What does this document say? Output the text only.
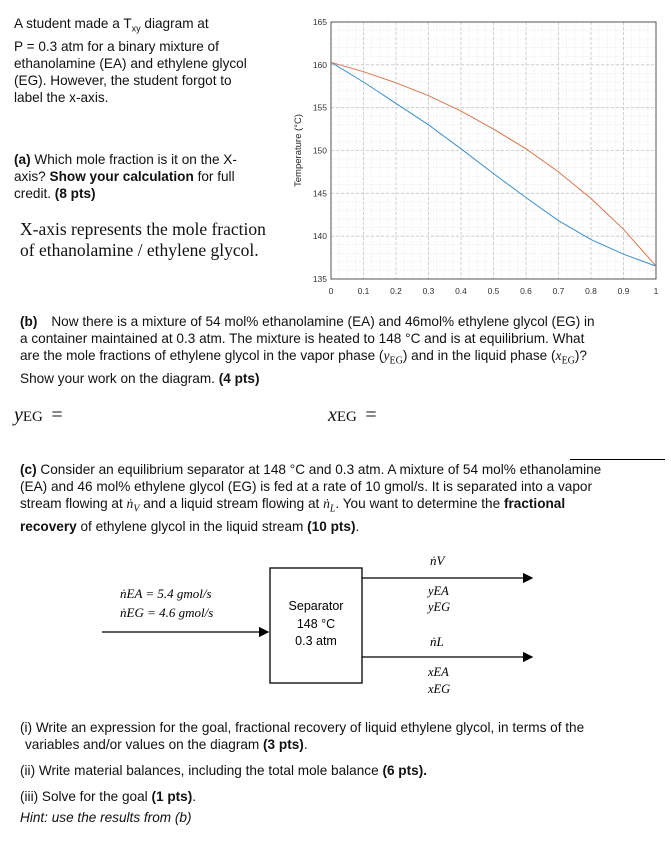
A student made a $T_{xy}$ diagram at
P = 0.3 atm for a binary mixture of
ethanolamine (EA) and ethylene glycol
(EG). However, the student forgot to
label the x-axis.
(a) Which mole fraction is it on the X-
axis? Show your calculation for full
credit. (8 pts)
X-axis represents the mole fraction
of ethanolamine / ethylene glycol.
0	0.1 0.2 0.3 0.4 0.5 0.6 0.7 0.8 0.9	1
135
140
145
150
155
160
165
Temperature (°C)
(b) Now there is a mixture of 54 mol% ethanolamine (EA) and 46mol% ethylene glycol (EG) in
a container maintained at 0.3 atm. The mixture is heated to 148 °C and is at equilibrium. What
are the mole fractions of ethylene glycol in the vapor phase $(y_{EG})$ and in the liquid phase $(x_{EG})$?
Show your work on the diagram. (4 pts)
yEG =	xEG =
(c) Consider an equilibrium separator at 148 °C and 0.3 atm. A mixture of 54 mol% ethanolamine
(EA) and 46 mol% ethylene glycol (EG) is fed at a rate of 10 gmol/s. It is separated into a vapor
stream flowing at ṅ$_V$ and a liquid stream flowing at ṅ$_L$. You want to determine the fractional
recovery of ethylene glycol in the liquid stream (10 pts).
ṅEA = 5.4 gmol/s
ṅEG = 4.6 gmol/s	Separator
148 °C
0.3 atm
ṅV
yEA
yEG
ṅL
xEA
xEG
(i) Write an expression for the goal, fractional recovery of liquid ethylene glycol, in terms of the
variables and/or values on the diagram (3 pts).
(ii) Write material balances, including the total mole balance (6 pts).
(iii) Solve for the goal (1 pts).
Hint: use the results from (b)
